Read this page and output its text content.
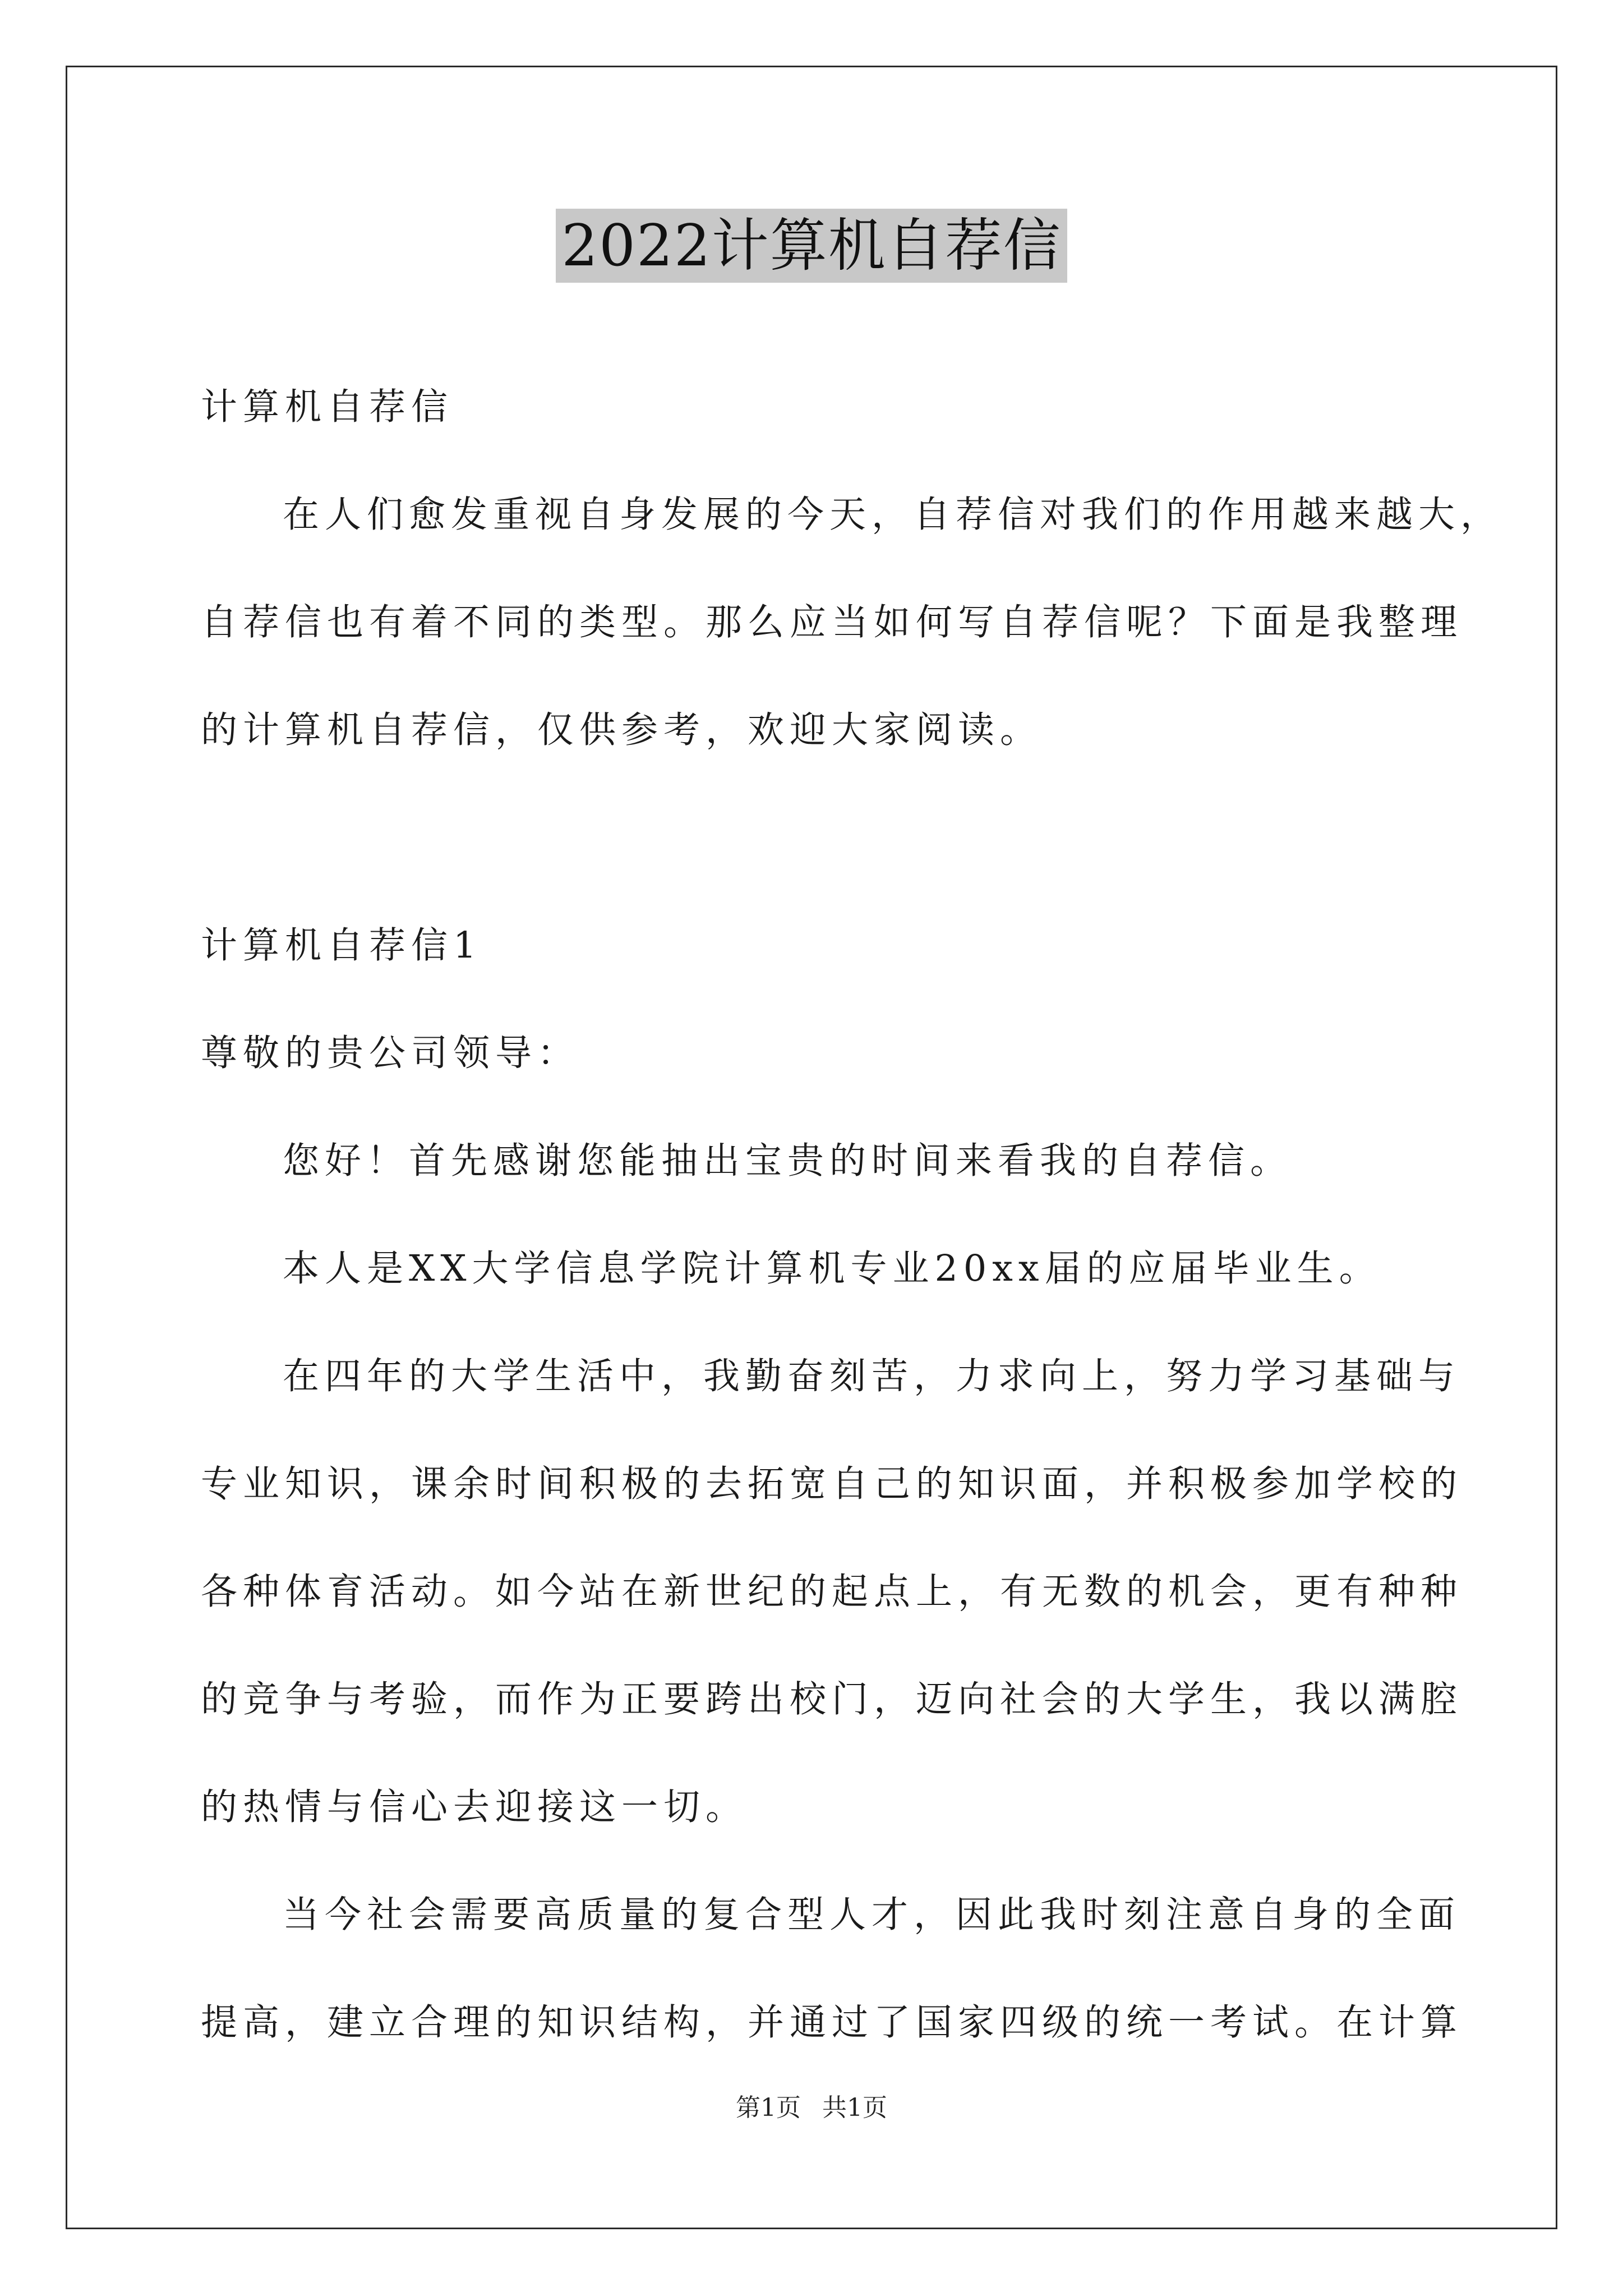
2022计算机自荐信

计算机自荐信

在人们愈发重视自身发展的今天，自荐信对我们的作用越来越大，

自荐信也有着不同的类型。那么应当如何写自荐信呢？下面是我整理

的计算机自荐信，仅供参考，欢迎大家阅读。

计算机自荐信1

尊敬的贵公司领导：

您好！首先感谢您能抽出宝贵的时间来看我的自荐信。

本人是XX大学信息学院计算机专业20xx届的应届毕业生。

在四年的大学生活中，我勤奋刻苦，力求向上，努力学习基础与

专业知识，课余时间积极的去拓宽自己的知识面，并积极参加学校的

各种体育活动。如今站在新世纪的起点上，有无数的机会，更有种种

的竞争与考验，而作为正要跨出校门，迈向社会的大学生，我以满腔

的热情与信心去迎接这一切。

当今社会需要高质量的复合型人才，因此我时刻注意自身的全面

提高，建立合理的知识结构，并通过了国家四级的统一考试。在计算

第1页 共1页
